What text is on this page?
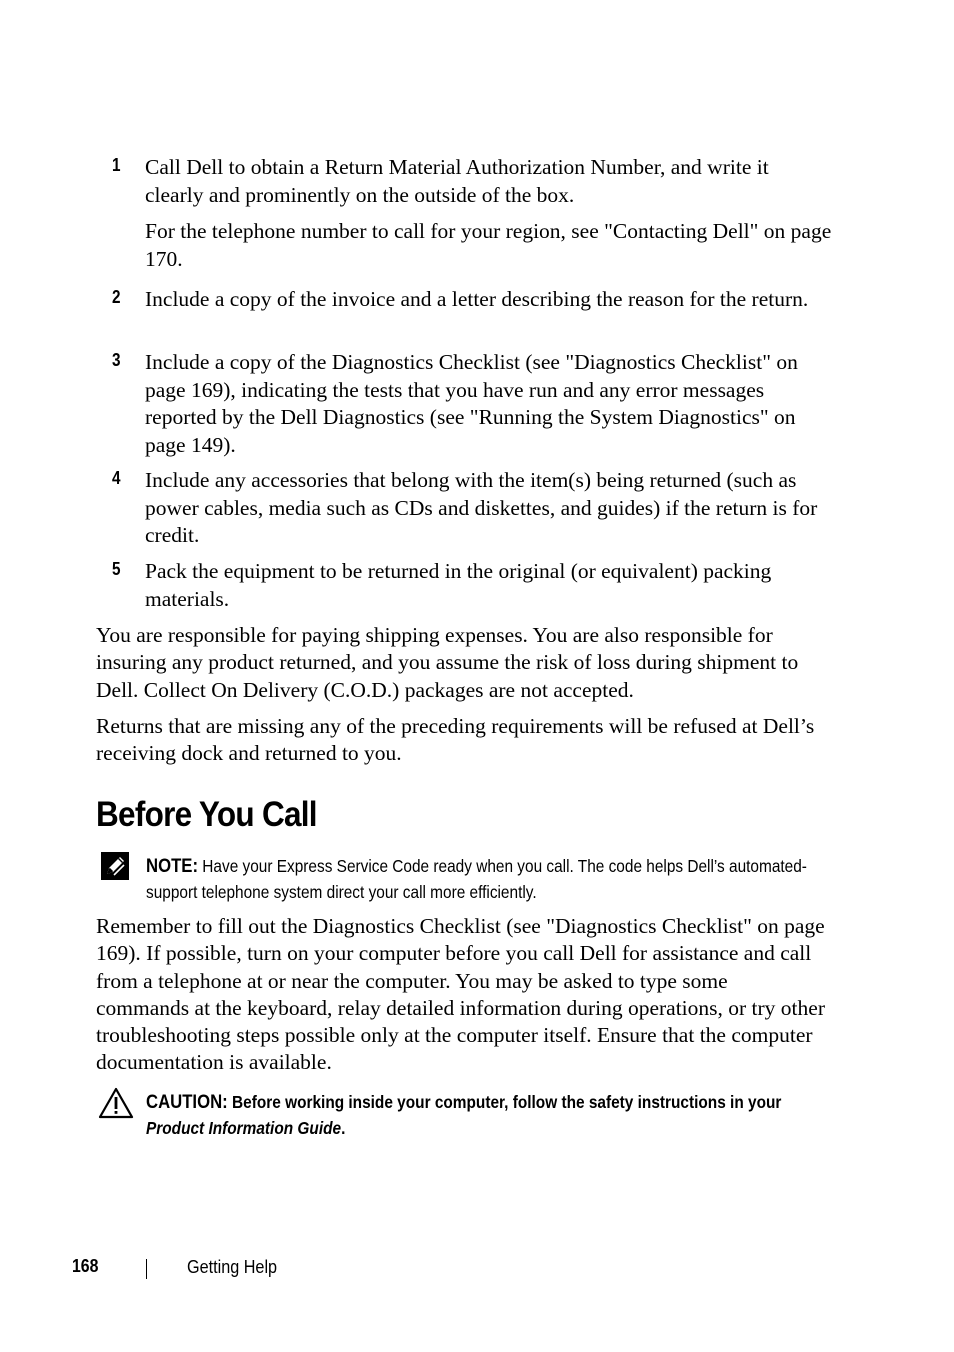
1 Call Dell to obtain a Return Material Authorization Number, and write it clearly and prominently on the outside of the box.
For the telephone number to call for your region, see "Contacting Dell" on page 170.
2 Include a copy of the invoice and a letter describing the reason for the return.
3 Include a copy of the Diagnostics Checklist (see "Diagnostics Checklist" on page 169), indicating the tests that you have run and any error messages reported by the Dell Diagnostics (see "Running the System Diagnostics" on page 149).
4 Include any accessories that belong with the item(s) being returned (such as power cables, media such as CDs and diskettes, and guides) if the return is for credit.
5 Pack the equipment to be returned in the original (or equivalent) packing materials.
You are responsible for paying shipping expenses. You are also responsible for insuring any product returned, and you assume the risk of loss during shipment to Dell. Collect On Delivery (C.O.D.) packages are not accepted.
Returns that are missing any of the preceding requirements will be refused at Dell’s receiving dock and returned to you.
Before You Call
NOTE: Have your Express Service Code ready when you call. The code helps Dell’s automated-support telephone system direct your call more efficiently.
Remember to fill out the Diagnostics Checklist (see "Diagnostics Checklist" on page 169). If possible, turn on your computer before you call Dell for assistance and call from a telephone at or near the computer. You may be asked to type some commands at the keyboard, relay detailed information during operations, or try other troubleshooting steps possible only at the computer itself. Ensure that the computer documentation is available.
CAUTION: Before working inside your computer, follow the safety instructions in your Product Information Guide.
168	Getting Help
